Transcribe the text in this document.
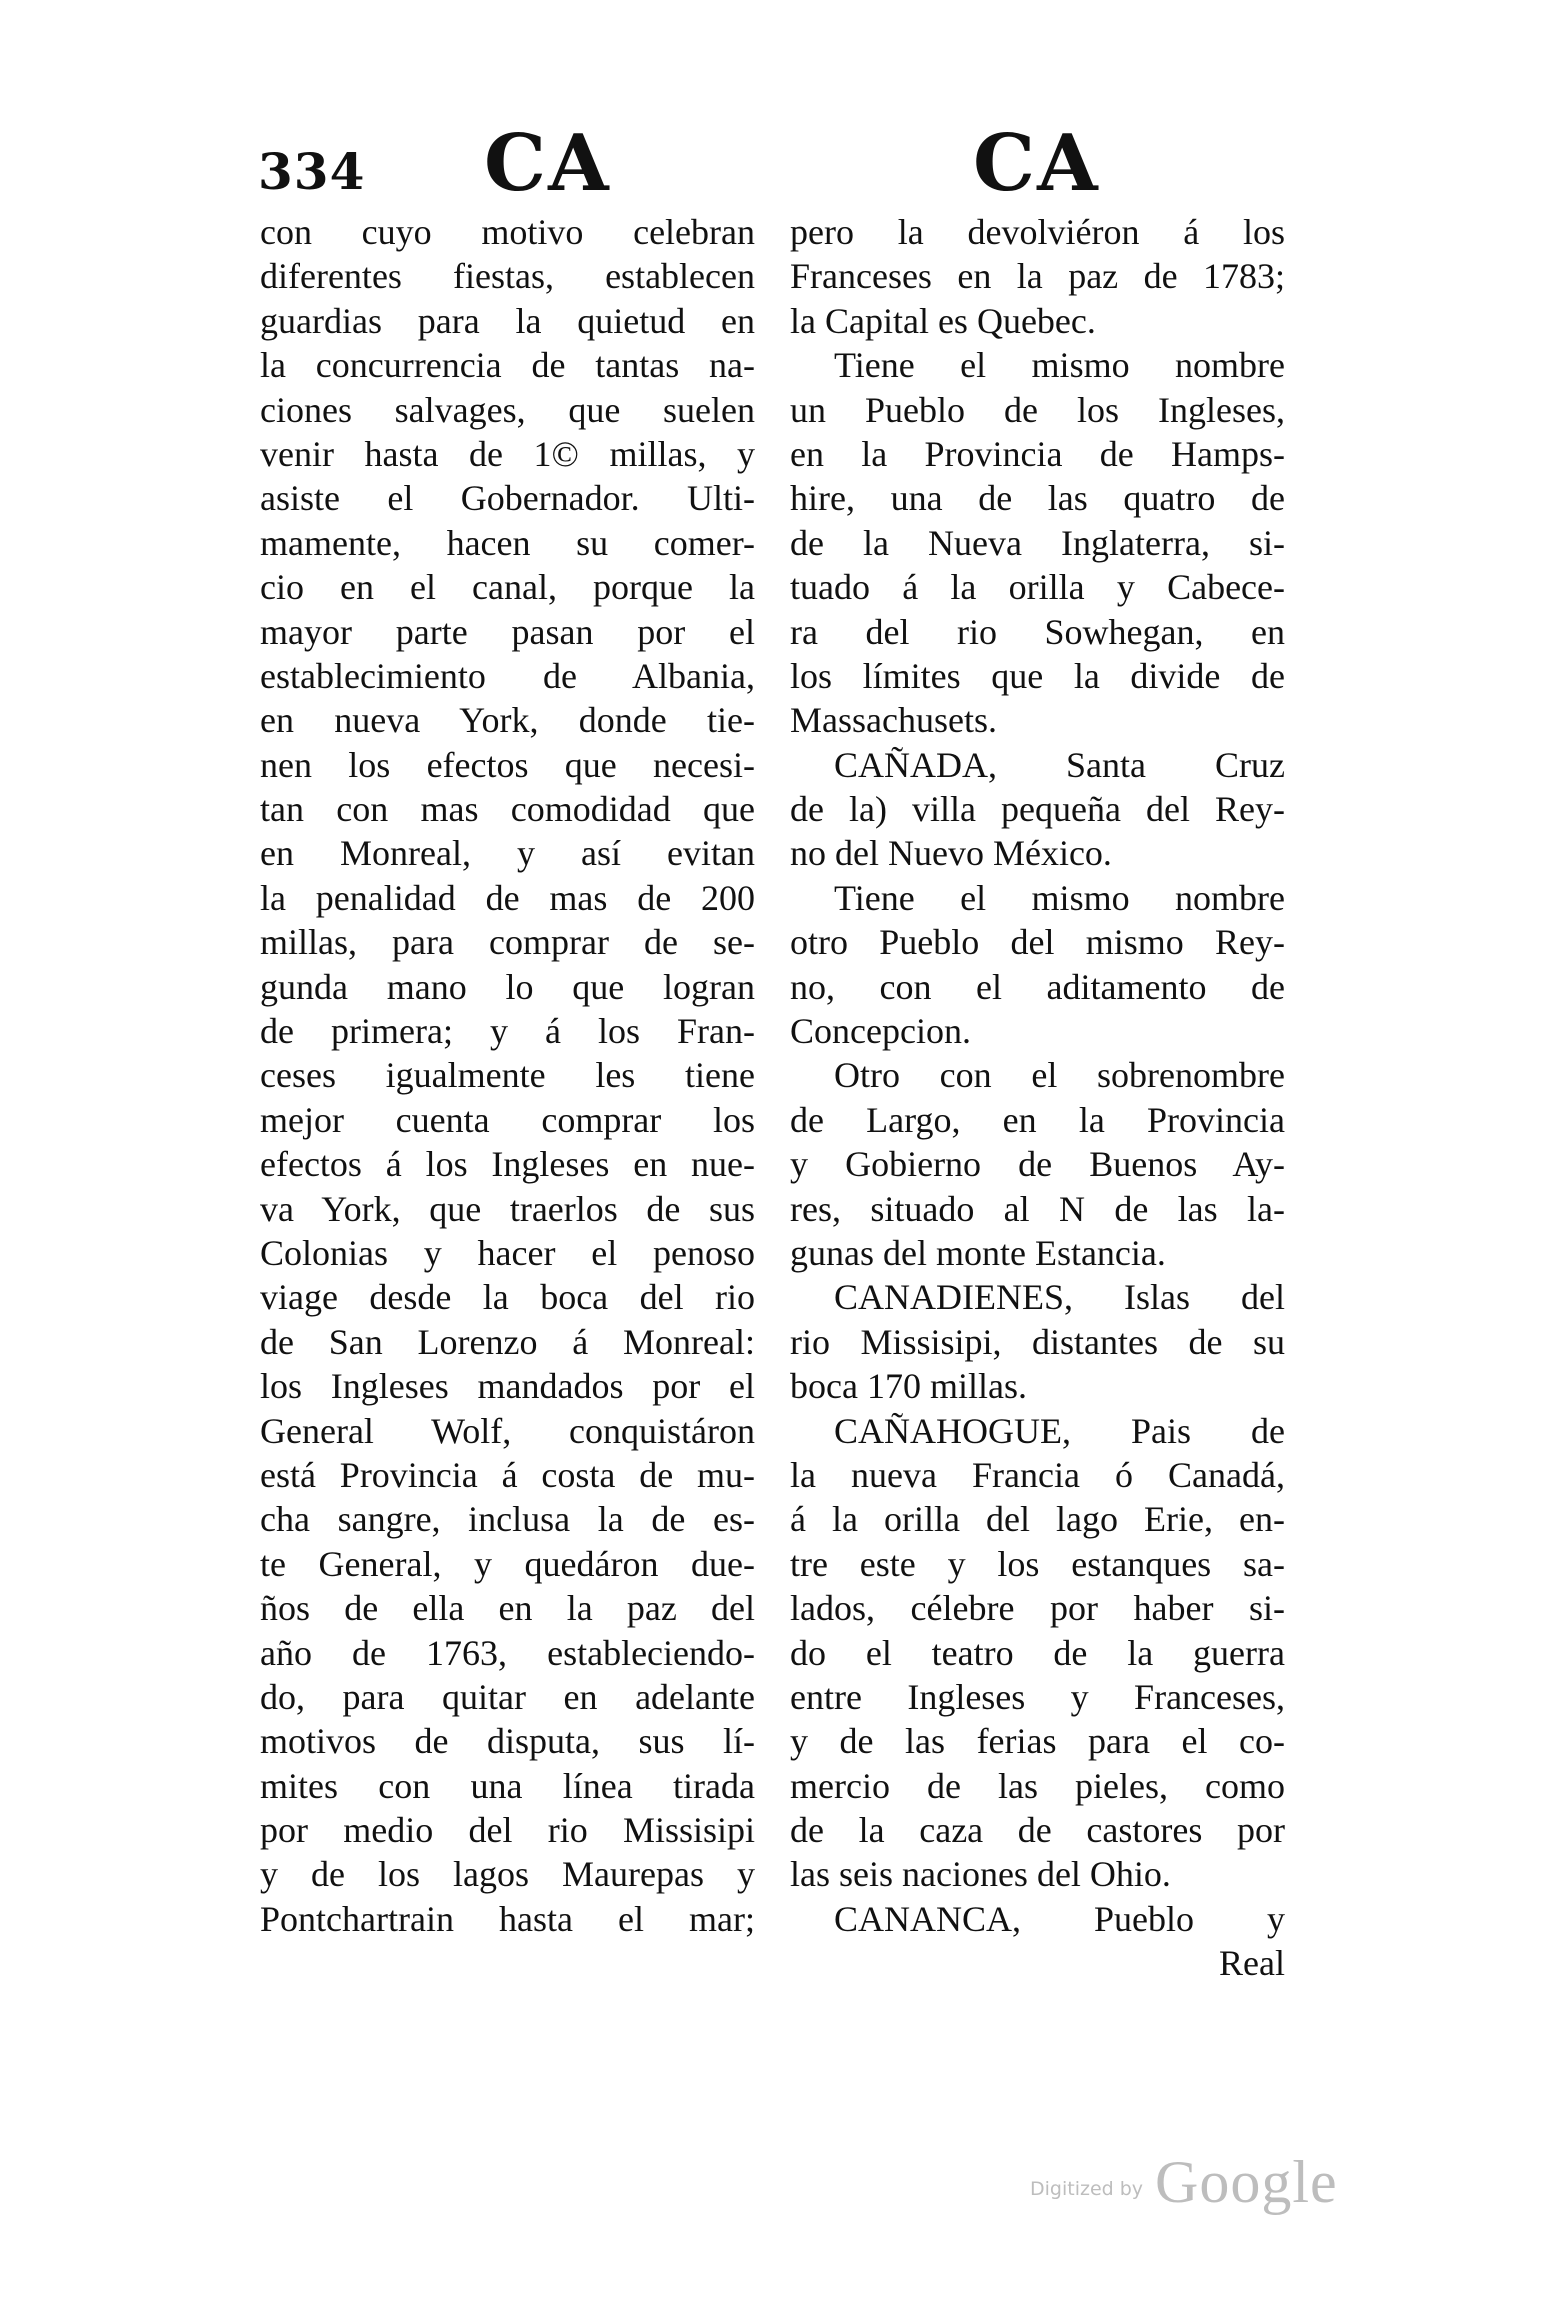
334 CA	CA
con cuyo motivo celebran
diferentes fiestas, establecen
guardias para la quietud en
la concurrencia de tantas na-
ciones salvages, que suelen
venir hasta de 1© millas, y
asiste el Gobernador. Ulti-
mamente, hacen su comer-
cio en el canal, porque la
mayor parte pasan por el
establecimiento de Albania,
en nueva York, donde tie-
nen los efectos que necesi-
tan con mas comodidad que
en Monreal, y así evitan
la penalidad de mas de 200
millas, para comprar de se-
gunda mano lo que logran
de primera; y á los Fran-
ceses igualmente les tiene
mejor cuenta comprar los
efectos á los Ingleses en nue-
va York, que traerlos de sus
Colonias y hacer el penoso
viage desde la boca del rio
de San Lorenzo á Monreal:
los Ingleses mandados por el
General Wolf, conquistáron
está Provincia á costa de mu-
cha sangre, inclusa la de es-
te General, y quedáron due-
ños de ella en la paz del
año de 1763, estableciendo-
do, para quitar en adelante
motivos de disputa, sus lí-
mites con una línea tirada
por medio del rio Missisipi
y de los lagos Maurepas y
Pontchartrain hasta el mar;
pero la devolviéron á los
Franceses en la paz de 1783;
la Capital es Quebec.
Tiene el mismo nombre
un Pueblo de los Ingleses,
en la Provincia de Hamps-
hire, una de las quatro de
de la Nueva Inglaterra, si-
tuado á la orilla y Cabece-
ra del rio Sowhegan, en
los límites que la divide de
Massachusets.
CAÑADA, Santa Cruz
de la) villa pequeña del Rey-
no del Nuevo México.
Tiene el mismo nombre
otro Pueblo del mismo Rey-
no, con el aditamento de
Concepcion.
Otro con el sobrenombre
de Largo, en la Provincia
y Gobierno de Buenos Ay-
res, situado al N de las la-
gunas del monte Estancia.
CANADIENES, Islas del
rio Missisipi, distantes de su
boca 170 millas.
CAÑAHOGUE, Pais de
la nueva Francia ó Canadá,
á la orilla del lago Erie, en-
tre este y los estanques sa-
lados, célebre por haber si-
do el teatro de la guerra
entre Ingleses y Franceses,
y de las ferias para el co-
mercio de las pieles, como
de la caza de castores por
las seis naciones del Ohio.
CANANCA, Pueblo y
Real
Digitized by Google
